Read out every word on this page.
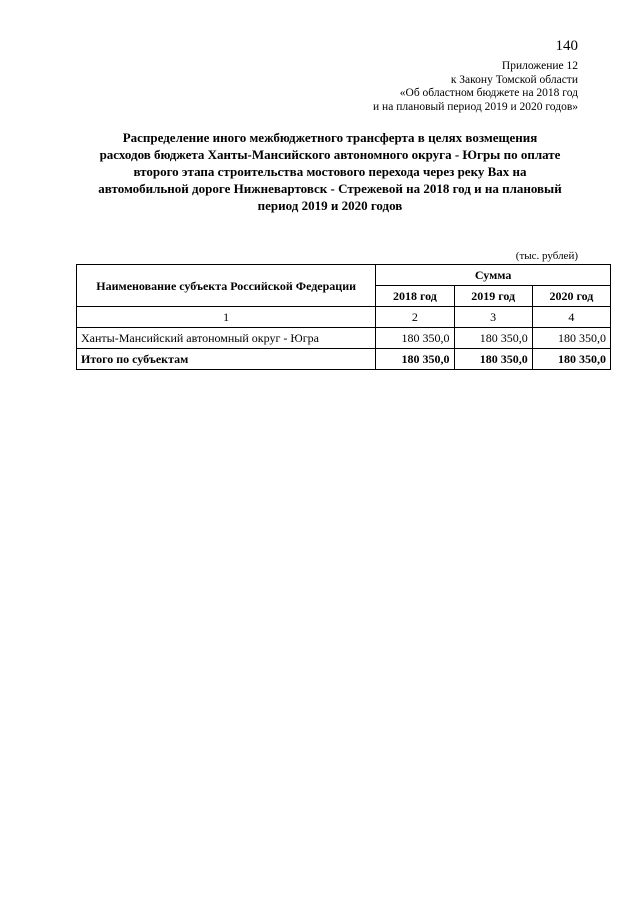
140
Приложение 12
к Закону Томской области
«Об областном бюджете на 2018 год
и на плановый период 2019 и 2020 годов»
Распределение иного межбюджетного трансферта в целях возмещения
расходов бюджета Ханты-Мансийского автономного округа - Югры по оплате
второго этапа строительства мостового перехода через реку Вах на
автомобильной дороге Нижневартовск - Стрежевой на 2018 год и на плановый
период 2019 и 2020 годов
(тыс. рублей)
Наименование субъекта Российской Федерации	Сумма		
	2018 год	2019 год	2020 год
1	2	3	4
Ханты-Мансийский автономный округ - Югра	180 350,0	180 350,0	180 350,0
Итого по субъектам	180 350,0	180 350,0	180 350,0
